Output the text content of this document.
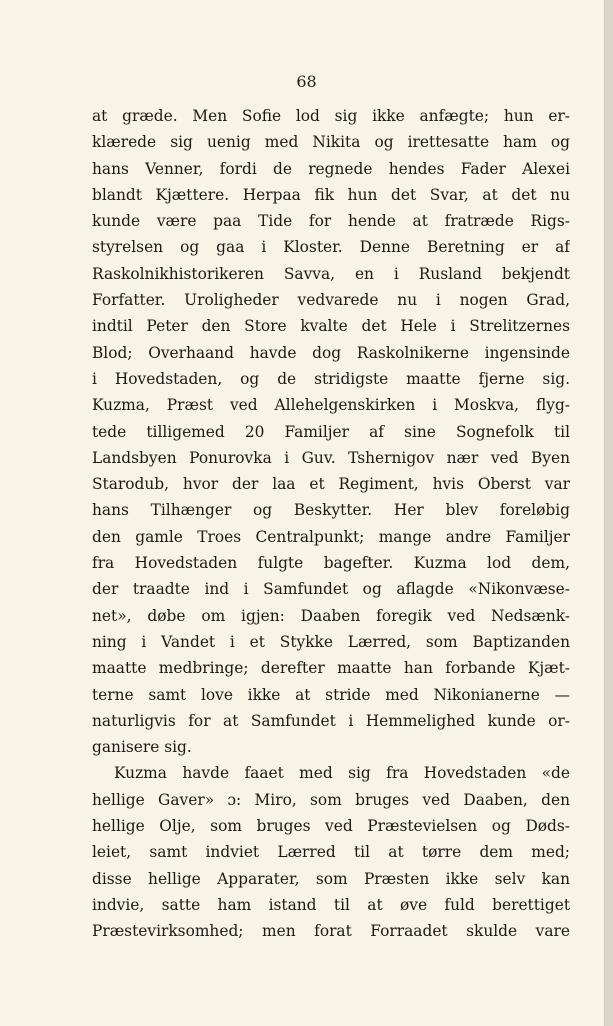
68
at græde. Men Sofie lod sig ikke anfægte; hun er-
klærede sig uenig med Nikita og irettesatte ham og
hans Venner, fordi de regnede hendes Fader Alexei
blandt Kjættere. Herpaa fik hun det Svar, at det nu
kunde være paa Tide for hende at fratræde Rigs-
styrelsen og gaa i Kloster. Denne Beretning er af
Raskolnikhistorikeren Savva, en i Rusland bekjendt
Forfatter. Uroligheder vedvarede nu i nogen Grad,
indtil Peter den Store kvalte det Hele i Strelitzernes
Blod; Overhaand havde dog Raskolnikerne ingensinde
i Hovedstaden, og de stridigste maatte fjerne sig.
Kuzma, Præst ved Allehelgenskirken i Moskva, flyg-
tede tilligemed 20 Familjer af sine Sognefolk til
Landsbyen Ponurovka i Guv. Tshernigov nær ved Byen
Starodub, hvor der laa et Regiment, hvis Oberst var
hans Tilhænger og Beskytter. Her blev foreløbig
den gamle Troes Centralpunkt; mange andre Familjer
fra Hovedstaden fulgte bagefter. Kuzma lod dem,
der traadte ind i Samfundet og aflagde «Nikonvæse-
net», døbe om igjen: Daaben foregik ved Nedsænk-
ning i Vandet i et Stykke Lærred, som Baptizanden
maatte medbringe; derefter maatte han forbande Kjæt-
terne samt love ikke at stride med Nikonianerne —
naturligvis for at Samfundet i Hemmelighed kunde or-
ganisere sig.
Kuzma havde faaet med sig fra Hovedstaden «de
hellige Gaver» ɔ: Miro, som bruges ved Daaben, den
hellige Olje, som bruges ved Præstevielsen og Døds-
leiet, samt indviet Lærred til at tørre dem med;
disse hellige Apparater, som Præsten ikke selv kan
indvie, satte ham istand til at øve fuld berettiget
Præstevirksomhed; men forat Forraadet skulde vare
